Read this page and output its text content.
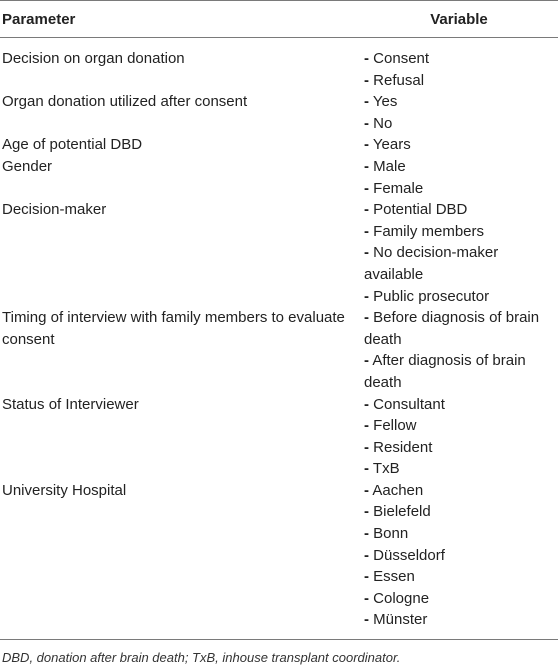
Parameter	Variable
Decision on organ donation	- Consent
- Refusal
Organ donation utilized after consent	- Yes
- No
Age of potential DBD	- Years
Gender	- Male
- Female
Decision-maker	- Potential DBD
- Family members
- No decision-maker available
- Public prosecutor
Timing of interview with family members to evaluate consent
- Before diagnosis of brain death
- After diagnosis of brain death
Status of Interviewer	- Consultant
- Fellow
- Resident
- TxB
University Hospital	- Aachen
- Bielefeld
- Bonn
- Düsseldorf
- Essen
- Cologne
- Münster
DBD, donation after brain death; TxB, inhouse transplant coordinator.
